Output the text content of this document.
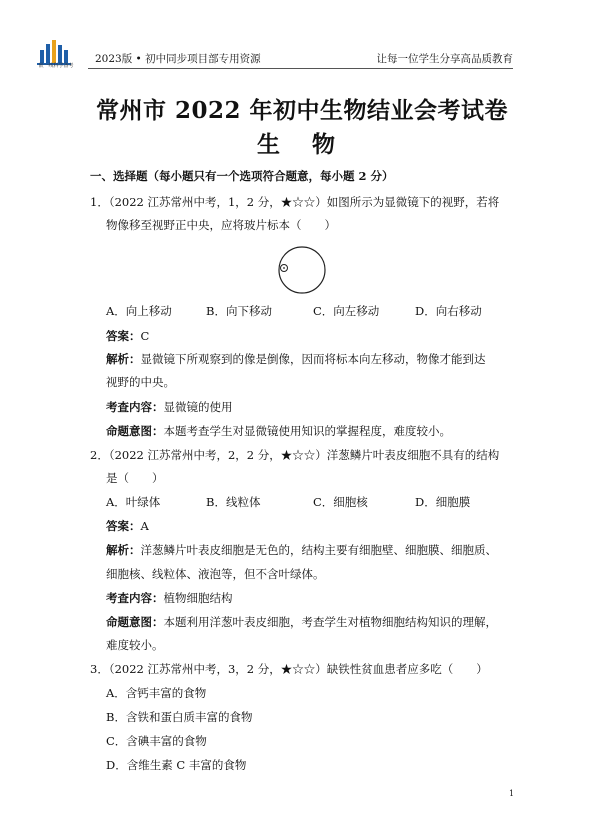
嵌一线科学备考
2023版 • 初中同步项目部专用资源	让每一位学生分享高品质教育
常州市 2022 年初中生物结业会考试卷
生 物
一、选择题（每小题只有一个选项符合题意，每小题 2 分）
1．（2022 江苏常州中考，1，2 分，★☆☆）如图所示为显微镜下的视野，若将
物像移至视野正中央，应将玻片标本（　　）
A．向上移动	B．向下移动	C．向左移动	D．向右移动
答案：C
解析：显微镜下所观察到的像是倒像，因而将标本向左移动，物像才能到达
视野的中央。
考查内容：显微镜的使用
命题意图：本题考查学生对显微镜使用知识的掌握程度，难度较小。
2．（2022 江苏常州中考，2，2 分，★☆☆）洋葱鳞片叶表皮细胞不具有的结构
是（　　）
A．叶绿体	B．线粒体	C．细胞核	D．细胞膜
答案：A
解析：洋葱鳞片叶表皮细胞是无色的，结构主要有细胞壁、细胞膜、细胞质、
细胞核、线粒体、液泡等，但不含叶绿体。
考查内容：植物细胞结构
命题意图：本题利用洋葱叶表皮细胞，考查学生对植物细胞结构知识的理解，
难度较小。
3．（2022 江苏常州中考，3，2 分，★☆☆）缺铁性贫血患者应多吃（　　）
A．含钙丰富的食物
B．含铁和蛋白质丰富的食物
C．含碘丰富的食物
D．含维生素 C 丰富的食物
1
